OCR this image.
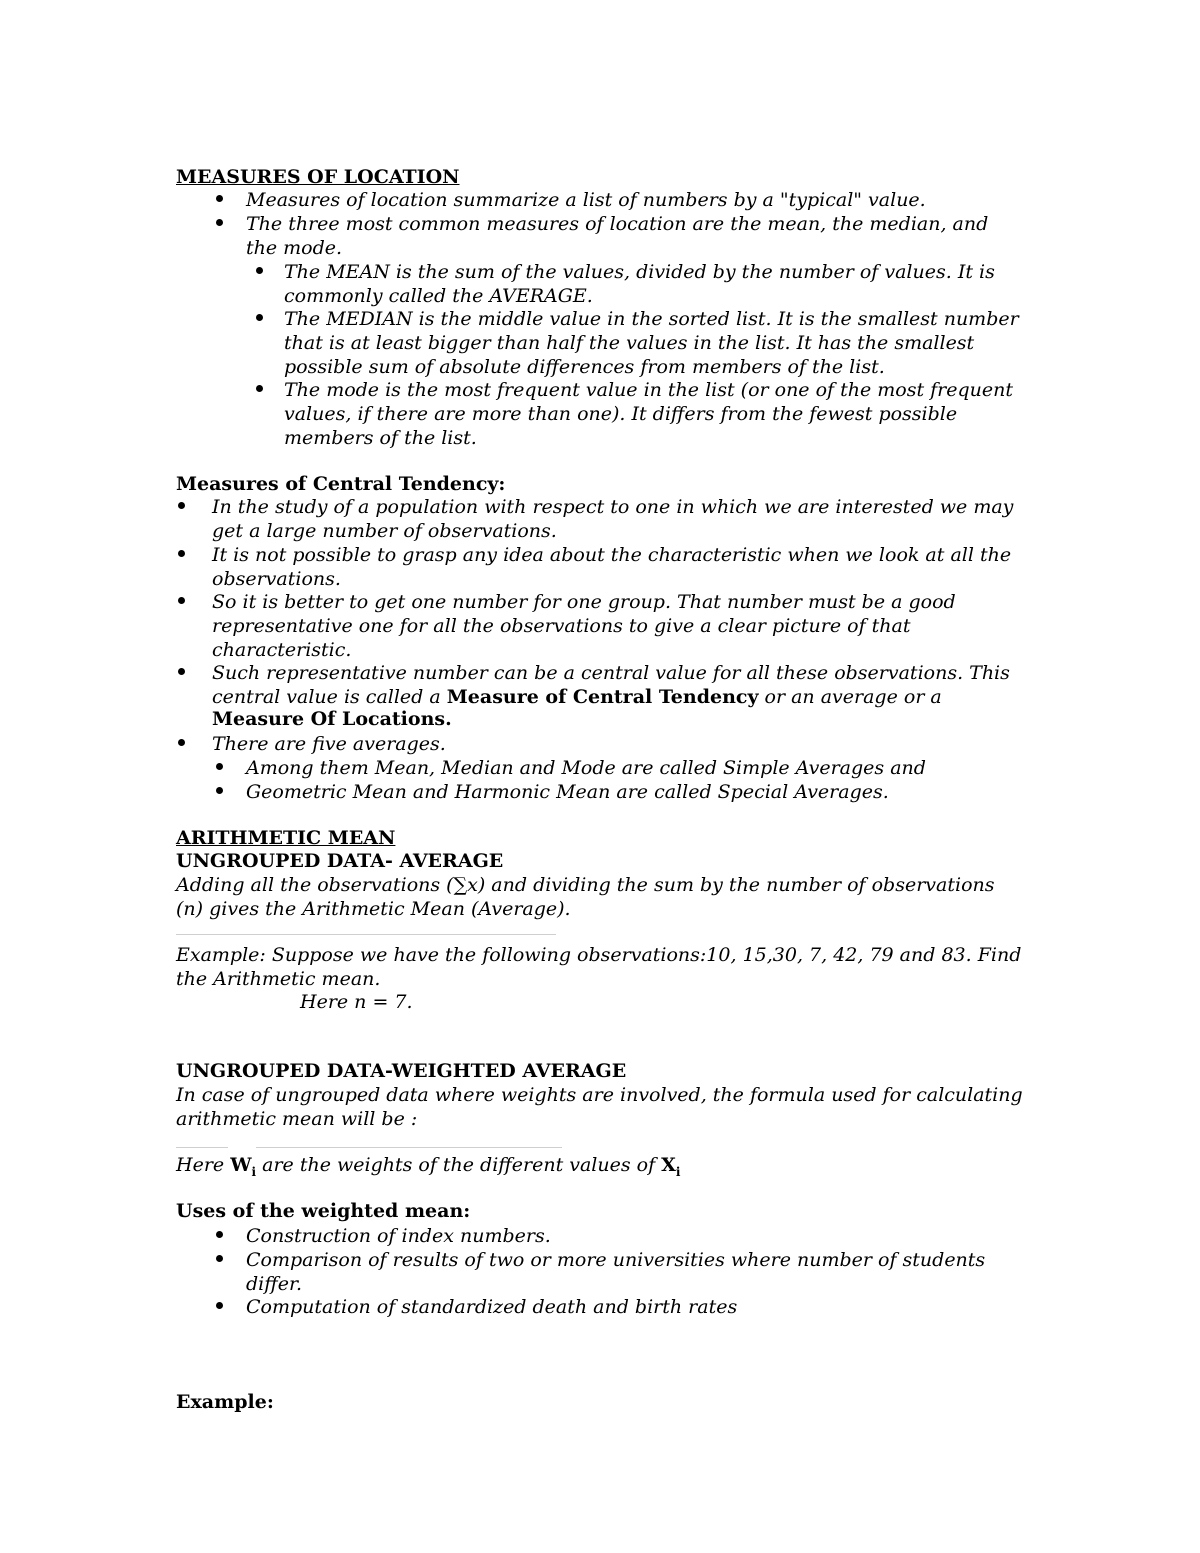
MEASURES OF LOCATION
Measures of location summarize a list of numbers by a "typical" value.
The three most common measures of location are the mean, the median, and
the mode.
The MEAN is the sum of the values, divided by the number of values. It is
commonly called the AVERAGE.
The MEDIAN is the middle value in the sorted list. It is the smallest number
that is at least bigger than half the values in the list. It has the smallest
possible sum of absolute differences from members of the list.
The mode is the most frequent value in the list (or one of the most frequent
values, if there are more than one). It differs from the fewest possible
members of the list.
Measures of Central Tendency:
In the study of a population with respect to one in which we are interested we may
get a large number of observations.
It is not possible to grasp any idea about the characteristic when we look at all the
observations.
So it is better to get one number for one group. That number must be a good
representative one for all the observations to give a clear picture of that
characteristic.
Such representative number can be a central value for all these observations. This
central value is called a Measure of Central Tendency or an average or a
Measure Of Locations.
There are five averages.
Among them Mean, Median and Mode are called Simple Averages and
Geometric Mean and Harmonic Mean are called Special Averages.
ARITHMETIC MEAN
UNGROUPED DATA- AVERAGE
Adding all the observations (∑x) and dividing the sum by the number of observations
(n) gives the Arithmetic Mean (Average).
Example: Suppose we have the following observations:10, 15,30, 7, 42, 79 and 83. Find
the Arithmetic mean.
Here n = 7.
UNGROUPED DATA-WEIGHTED AVERAGE
In case of ungrouped data where weights are involved, the formula used for calculating
arithmetic mean will be :
Here $W_i$ are the weights of the different values of $X_i$
Uses of the weighted mean:
Construction of index numbers.
Comparison of results of two or more universities where number of students
differ.
Computation of standardized death and birth rates
Example:
